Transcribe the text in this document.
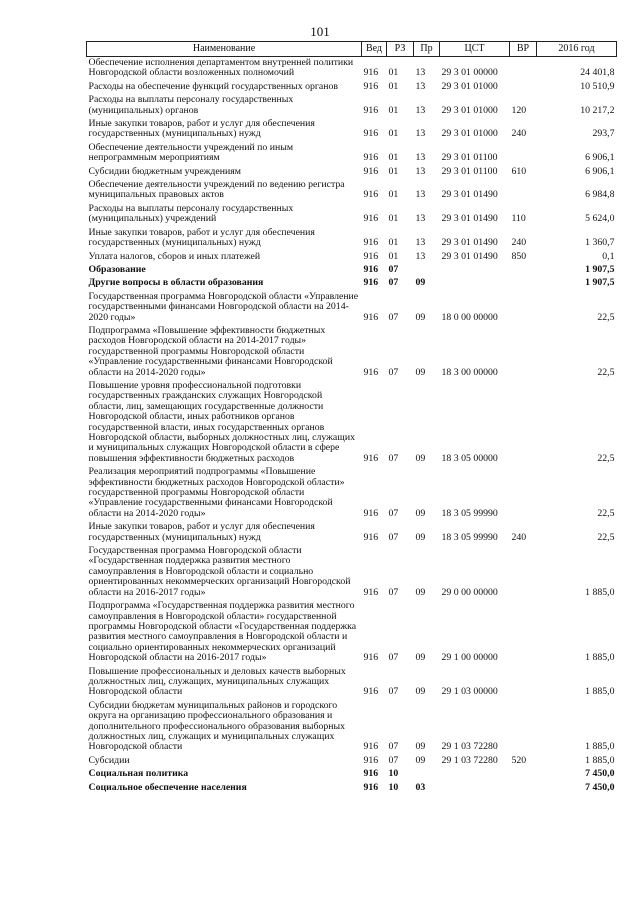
101
Наименование	Вед	РЗ	Пр	ЦСТ	ВР	2016 год
Обеспечение исполнения департаментом внутренней политики Новгородской области возложенных полномочий	916	01	13	29 3 01 00000		24 401,8
Расходы на обеспечение функций государственных органов	916	01	13	29 3 01 01000		10 510,9
Расходы на выплаты персоналу государственных (муниципальных) органов	916	01	13	29 3 01 01000	120	10 217,2
Иные закупки товаров, работ и услуг для обеспечения государственных (муниципальных) нужд	916	01	13	29 3 01 01000	240	293,7
Обеспечение деятельности учреждений по иным непрограммным мероприятиям	916	01	13	29 3 01 01100		6 906,1
Субсидии бюджетным учреждениям	916	01	13	29 3 01 01100	610	6 906,1
Обеспечение деятельности учреждений по ведению регистра муниципальных правовых актов	916	01	13	29 3 01 01490		6 984,8
Расходы на выплаты персоналу государственных (муниципальных) учреждений	916	01	13	29 3 01 01490	110	5 624,0
Иные закупки товаров, работ и услуг для обеспечения государственных (муниципальных) нужд	916	01	13	29 3 01 01490	240	1 360,7
Уплата налогов, сборов и иных платежей	916	01	13	29 3 01 01490	850	0,1
Образование	916	07				1 907,5
Другие вопросы в области образования	916	07	09			1 907,5
Государственная программа Новгородской области «Управление государственными финансами Новгородской области на 2014-2020 годы»	916	07	09	18 0 00 00000		22,5
Подпрограмма «Повышение эффективности бюджетных расходов Новгородской области на 2014-2017 годы» государственной программы Новгородской области «Управление государственными финансами Новгородской области на 2014-2020 годы»	916	07	09	18 3 00 00000		22,5
Повышение уровня профессиональной подготовки государственных гражданских служащих Новгородской области, лиц, замещающих государственные должности Новгородской области, иных работников органов государственной власти, иных государственных органов Новгородской области, выборных должностных лиц, служащих и муниципальных служащих Новгородской области в сфере повышения эффективности бюджетных расходов	916	07	09	18 3 05 00000		22,5
Реализация мероприятий подпрограммы «Повышение эффективности бюджетных расходов Новгородской области» государственной программы Новгородской области «Управление государственными финансами Новгородской области на 2014-2020 годы»	916	07	09	18 3 05 99990		22,5
Иные закупки товаров, работ и услуг для обеспечения государственных (муниципальных) нужд	916	07	09	18 3 05 99990	240	22,5
Государственная программа Новгородской области «Государственная поддержка развития местного самоуправления в Новгородской области и социально ориентированных некоммерческих организаций Новгородской области на 2016-2017 годы»	916	07	09	29 0 00 00000		1 885,0
Подпрограмма «Государственная поддержка развития местного самоуправления в Новгородской области» государственной программы Новгородской области «Государственная поддержка развития местного самоуправления в Новгородской области и социально ориентированных некоммерческих организаций Новгородской области на 2016-2017 годы»	916	07	09	29 1 00 00000		1 885,0
Повышение профессиональных и деловых качеств выборных должностных лиц, служащих, муниципальных служащих Новгородской области	916	07	09	29 1 03 00000		1 885,0
Субсидии бюджетам муниципальных районов и городского округа на организацию профессионального образования и дополнительного профессионального образования выборных должностных лиц, служащих и муниципальных служащих Новгородской области	916	07	09	29 1 03 72280		1 885,0
Субсидии	916	07	09	29 1 03 72280	520	1 885,0
Социальная политика	916	10				7 450,0
Социальное обеспечение населения	916	10	03			7 450,0
